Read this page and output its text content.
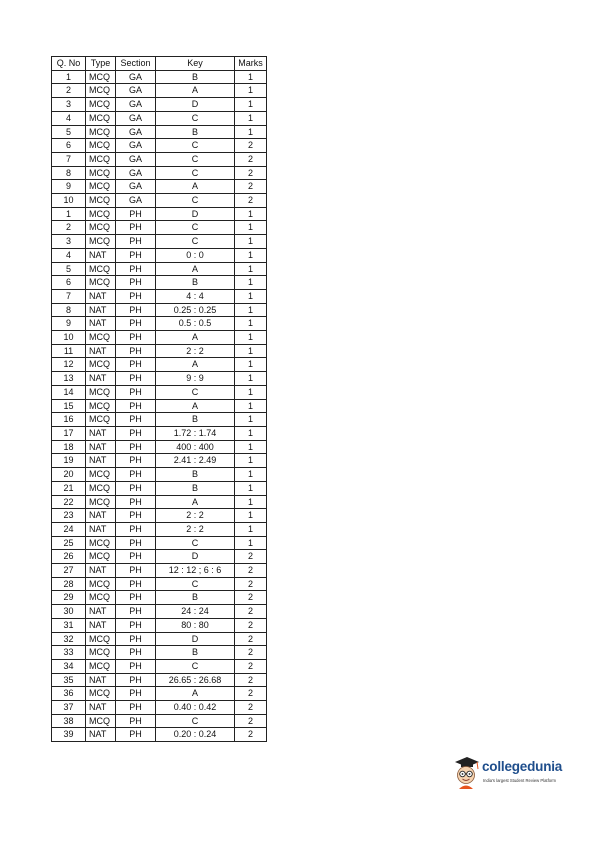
Q. No	Type	Section	Key	Marks
1	MCQ	GA	B	1
2	MCQ	GA	A	1
3	MCQ	GA	D	1
4	MCQ	GA	C	1
5	MCQ	GA	B	1
6	MCQ	GA	C	2
7	MCQ	GA	C	2
8	MCQ	GA	C	2
9	MCQ	GA	A	2
10	MCQ	GA	C	2
1	MCQ	PH	D	1
2	MCQ	PH	C	1
3	MCQ	PH	C	1
4	NAT	PH	0 : 0	1
5	MCQ	PH	A	1
6	MCQ	PH	B	1
7	NAT	PH	4 : 4	1
8	NAT	PH	0.25 : 0.25	1
9	NAT	PH	0.5 : 0.5	1
10	MCQ	PH	A	1
11	NAT	PH	2 : 2	1
12	MCQ	PH	A	1
13	NAT	PH	9 : 9	1
14	MCQ	PH	C	1
15	MCQ	PH	A	1
16	MCQ	PH	B	1
17	NAT	PH	1.72 : 1.74	1
18	NAT	PH	400 : 400	1
19	NAT	PH	2.41 : 2.49	1
20	MCQ	PH	B	1
21	MCQ	PH	B	1
22	MCQ	PH	A	1
23	NAT	PH	2 : 2	1
24	NAT	PH	2 : 2	1
25	MCQ	PH	C	1
26	MCQ	PH	D	2
27	NAT	PH	12 : 12 ; 6 : 6	2
28	MCQ	PH	C	2
29	MCQ	PH	B	2
30	NAT	PH	24 : 24	2
31	NAT	PH	80 : 80	2
32	MCQ	PH	D	2
33	MCQ	PH	B	2
34	MCQ	PH	C	2
35	NAT	PH	26.65 : 26.68	2
36	MCQ	PH	A	2
37	NAT	PH	0.40 : 0.42	2
38	MCQ	PH	C	2
39	NAT	PH	0.20 : 0.24	2
collegedunia
India's largest Student Review Platform
